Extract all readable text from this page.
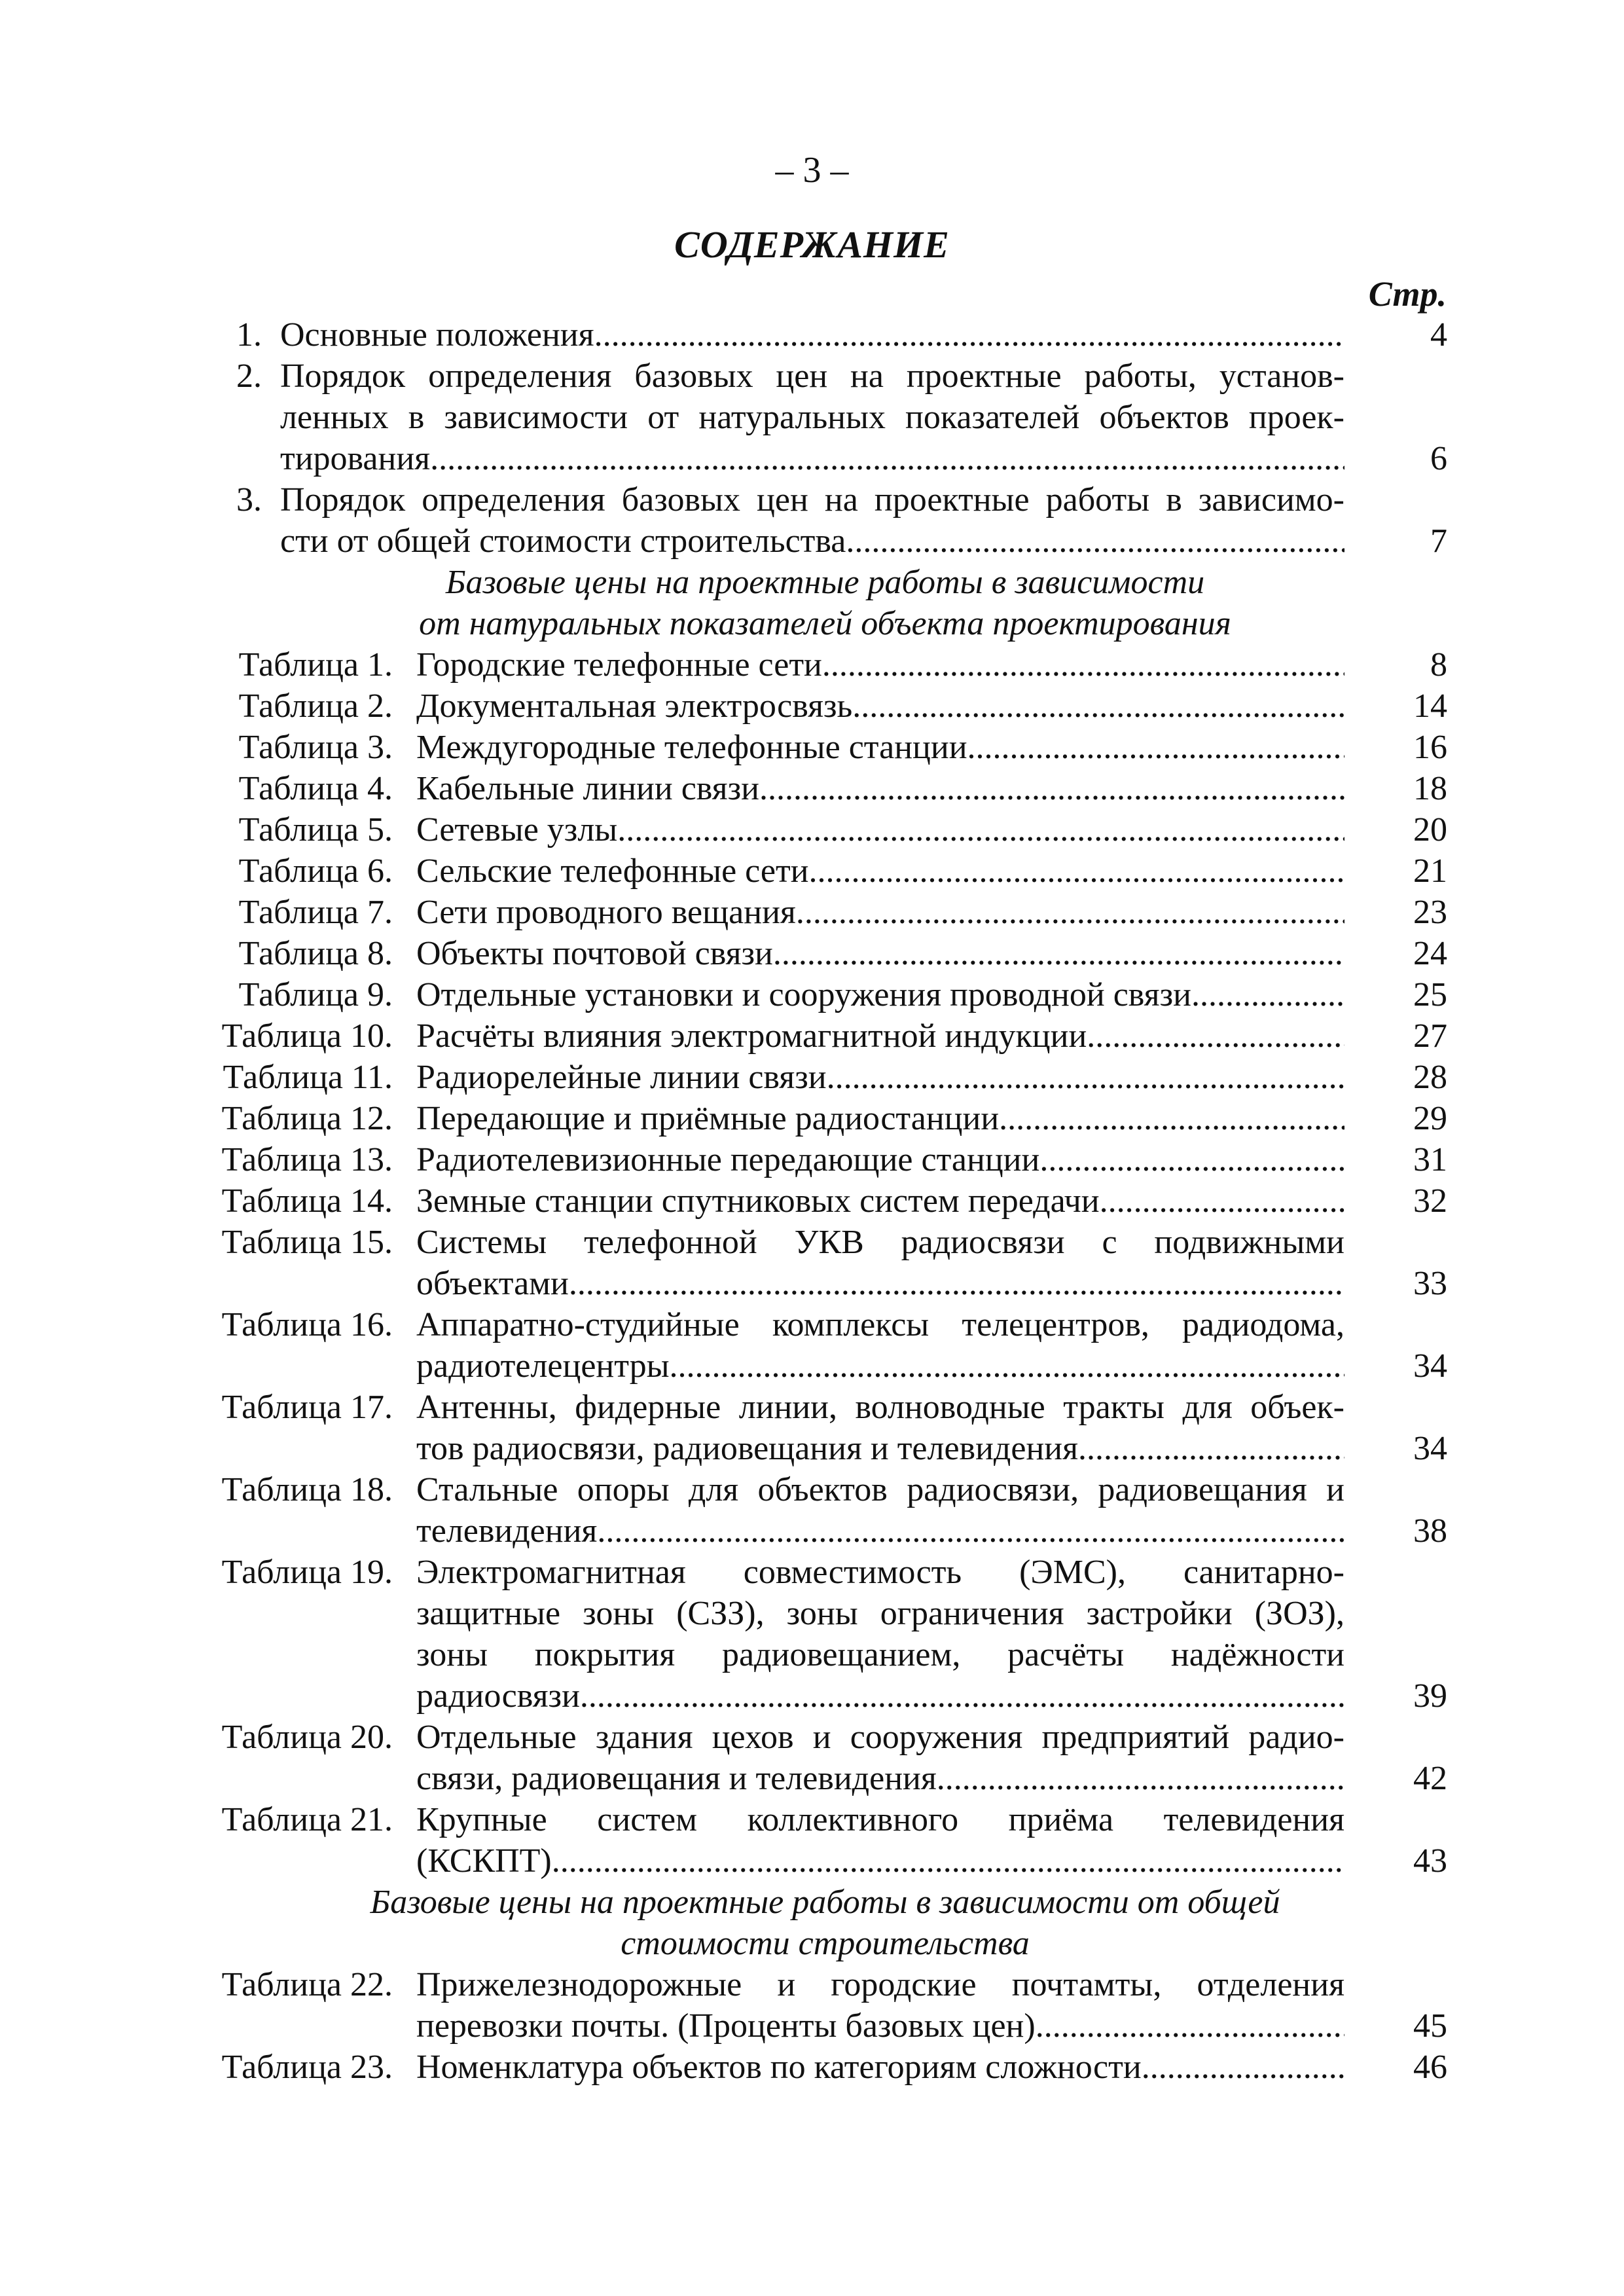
– 3 –
СОДЕРЖАНИЕ
Стр.
1. Основные положения .....	4
2. Порядок определения базовых цен на проектные работы, установ-
ленных в зависимости от натуральных показателей объектов проек-
тирования .....	6
3. Порядок определения базовых цен на проектные работы в зависимо-
сти от общей стоимости строительства .....	7
Базовые цены на проектные работы в зависимости
от натуральных показателей объекта проектирования
Таблица 1. Городские телефонные сети .....	8
Таблица 2. Документальная электросвязь .....	14
Таблица 3. Междугородные телефонные станции .....	16
Таблица 4. Кабельные линии связи .....	18
Таблица 5. Сетевые узлы .....	20
Таблица 6. Сельские телефонные сети .....	21
Таблица 7. Сети проводного вещания .....	23
Таблица 8. Объекты почтовой связи .....	24
Таблица 9. Отдельные установки и сооружения проводной связи .....	25
Таблица 10. Расчёты влияния электромагнитной индукции .....	27
Таблица 11. Радиорелейные линии связи .....	28
Таблица 12. Передающие и приёмные радиостанции .....	29
Таблица 13. Радиотелевизионные передающие станции .....	31
Таблица 14. Земные станции спутниковых систем передачи .....	32
Таблица 15. Системы телефонной УКВ радиосвязи с подвижными
объектами .....	33
Таблица 16. Аппаратно-студийные комплексы телецентров, радиодома,
радиотелецентры .....	34
Таблица 17. Антенны, фидерные линии, волноводные тракты для объек-
тов радиосвязи, радиовещания и телевидения .....	34
Таблица 18. Стальные опоры для объектов радиосвязи, радиовещания и
телевидения .....	38
Таблица 19. Электромагнитная совместимость (ЭМС), санитарно-
защитные зоны (СЗЗ), зоны ограничения застройки (ЗОЗ),
зоны покрытия радиовещанием, расчёты надёжности
радиосвязи .....	39
Таблица 20. Отдельные здания цехов и сооружения предприятий радио-
связи, радиовещания и телевидения .....	42
Таблица 21. Крупные систем коллективного приёма телевидения
(КСКПТ) .....	43
Базовые цены на проектные работы в зависимости от общей
стоимости строительства
Таблица 22. Прижелезнодорожные и городские почтамты, отделения
перевозки почты. (Проценты базовых цен) .....	45
Таблица 23. Номенклатура объектов по категориям сложности .....	46
